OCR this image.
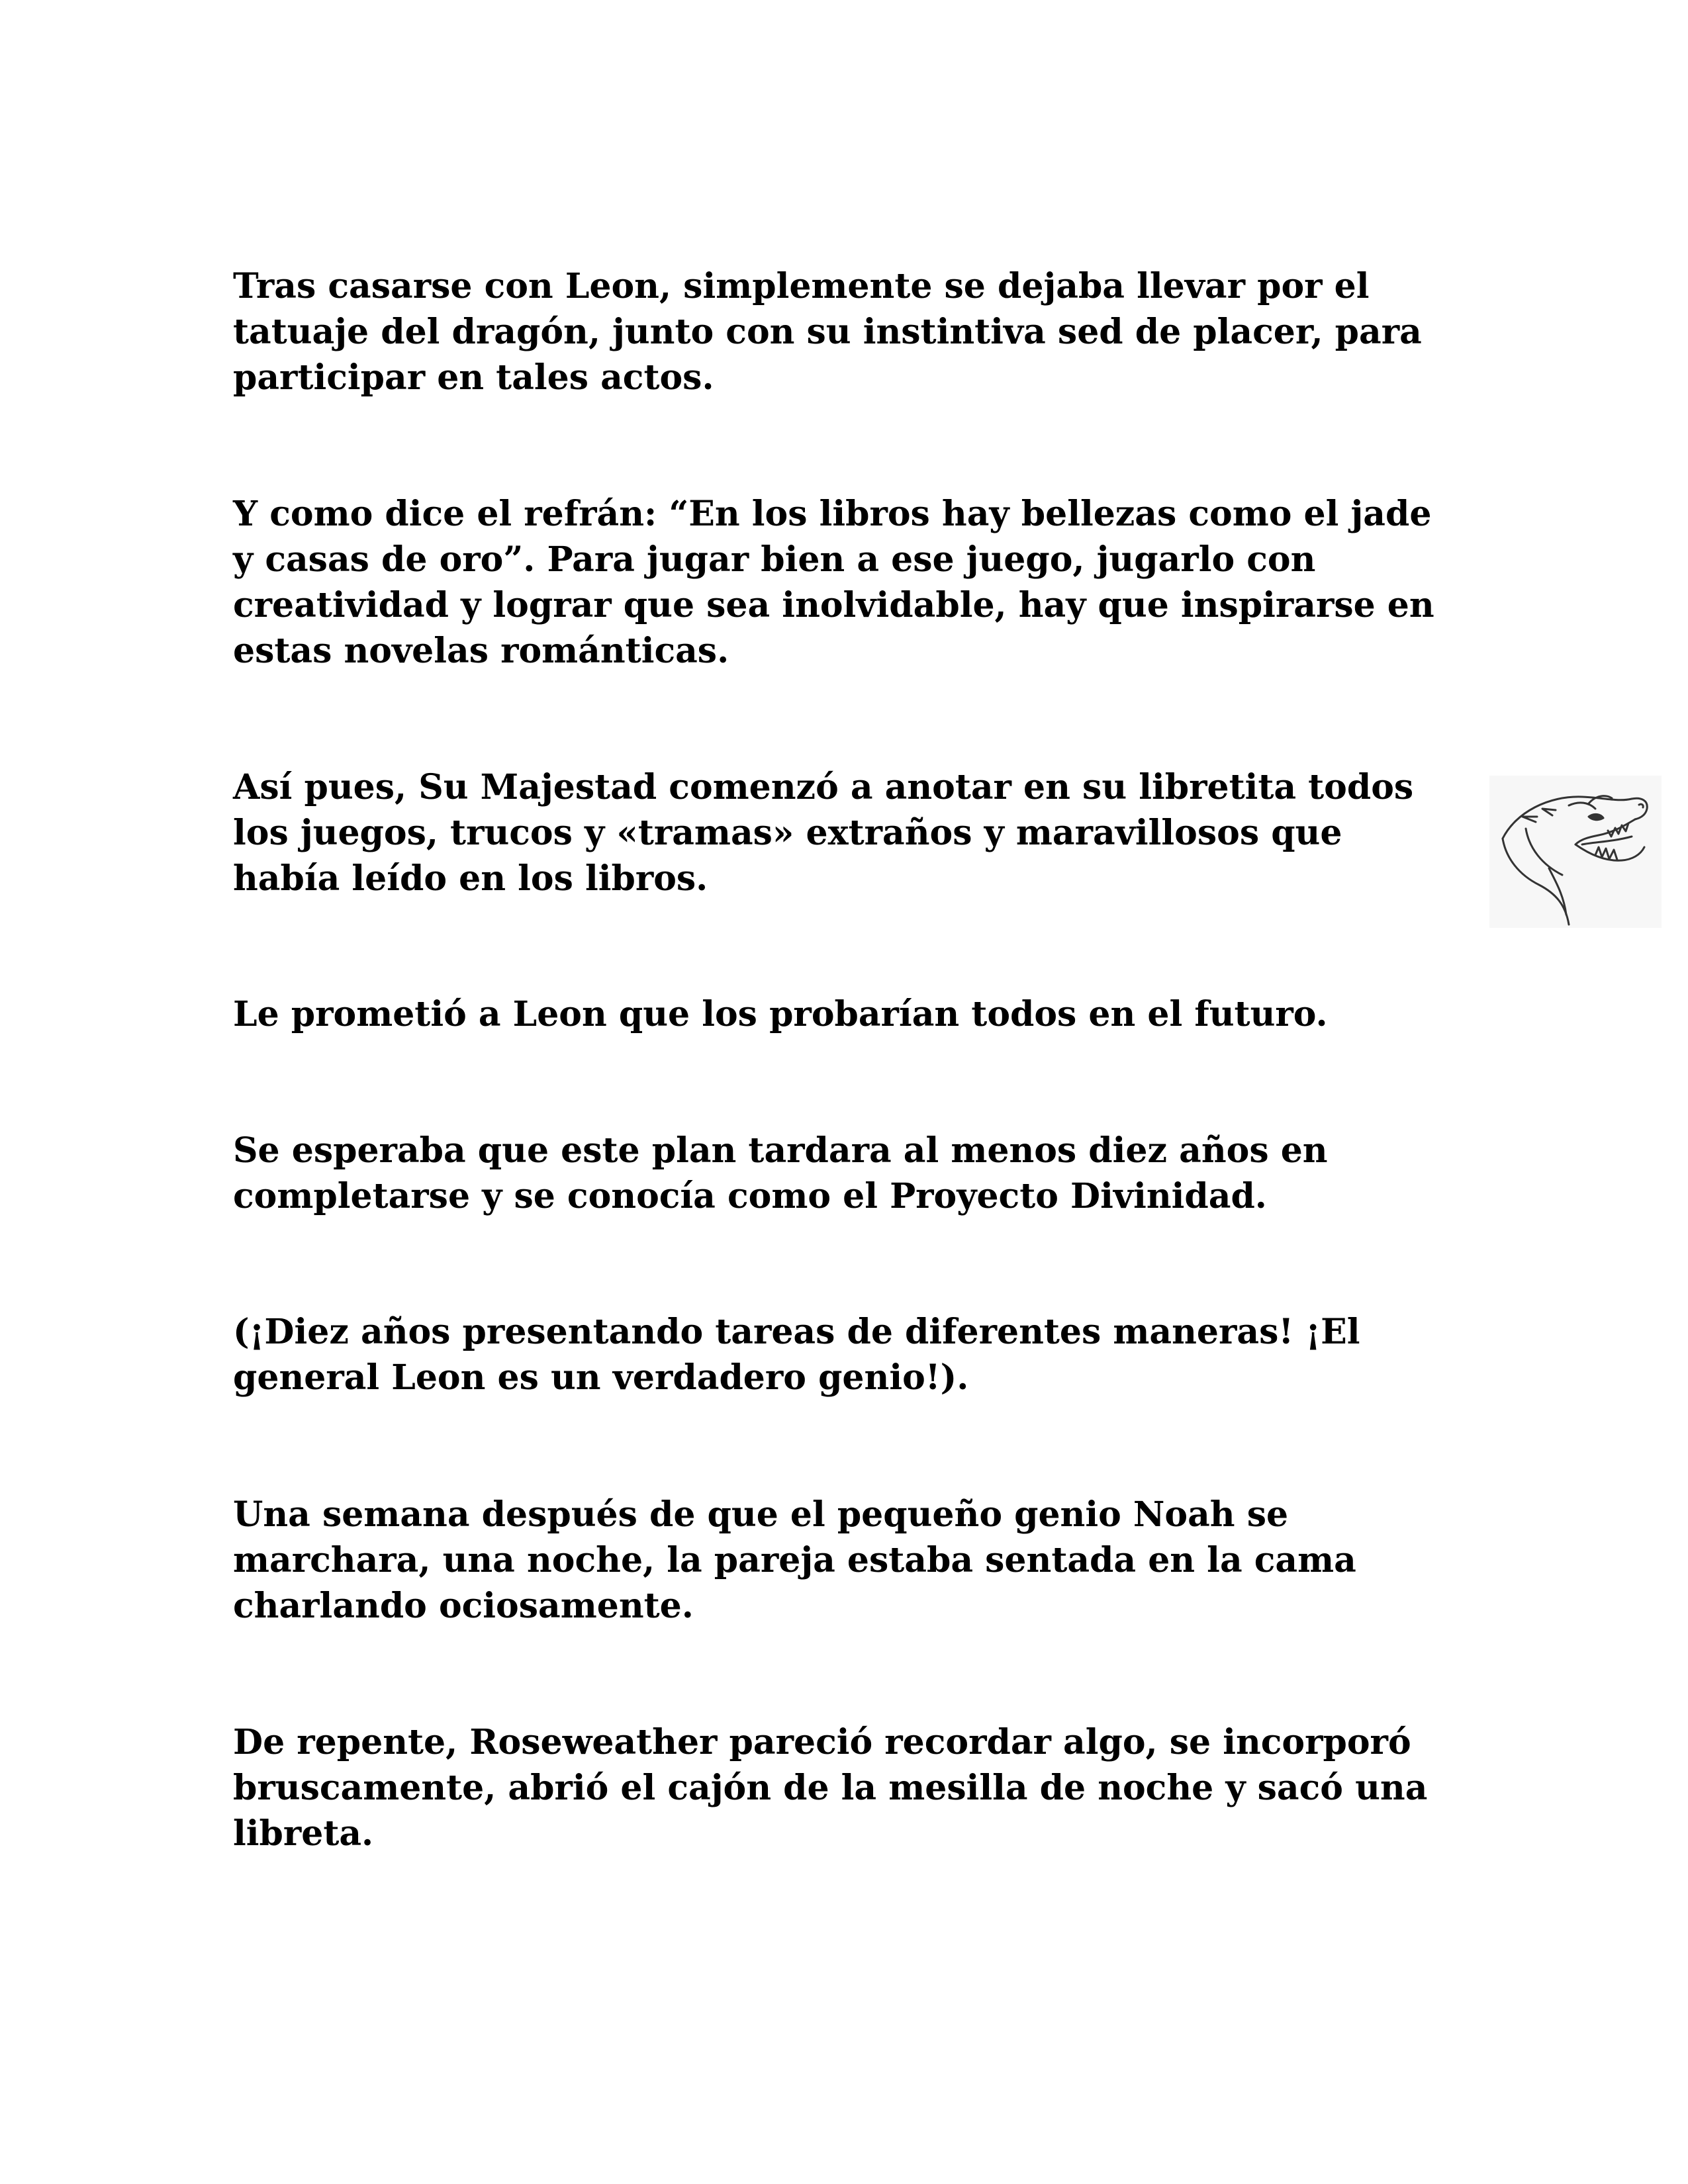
Tras casarse con Leon, simplemente se dejaba llevar por el
tatuaje del dragón, junto con su instintiva sed de placer, para
participar en tales actos.

Y como dice el refrán: “En los libros hay bellezas como el jade
y casas de oro”. Para jugar bien a ese juego, jugarlo con
creatividad y lograr que sea inolvidable, hay que inspirarse en
estas novelas románticas.

Así pues, Su Majestad comenzó a anotar en su libretita todos
los juegos, trucos y «tramas» extraños y maravillosos que
había leído en los libros.

Le prometió a Leon que los probarían todos en el futuro.

Se esperaba que este plan tardara al menos diez años en
completarse y se conocía como el Proyecto Divinidad.

(¡Diez años presentando tareas de diferentes maneras! ¡El
general Leon es un verdadero genio!).

Una semana después de que el pequeño genio Noah se
marchara, una noche, la pareja estaba sentada en la cama
charlando ociosamente.

De repente, Roseweather pareció recordar algo, se incorporó
bruscamente, abrió el cajón de la mesilla de noche y sacó una
libreta.
